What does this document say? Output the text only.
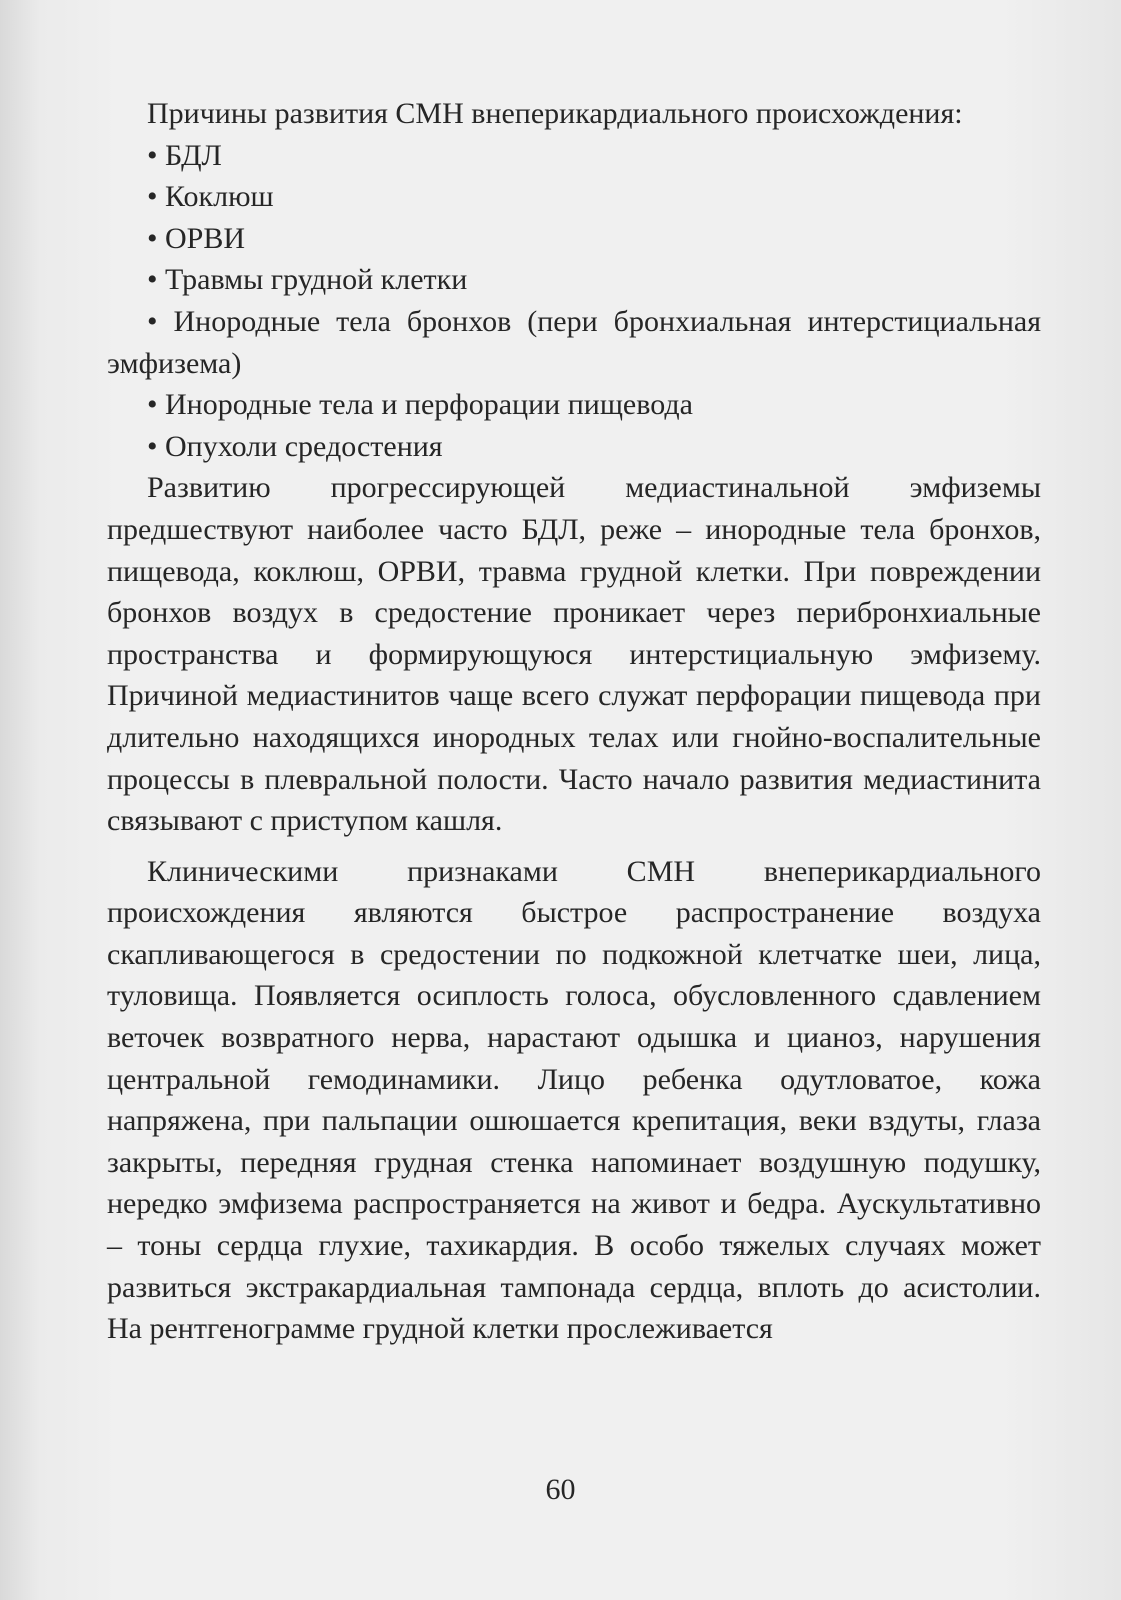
Причины развития СМН внеперикардиального происхождения:

• БДЛ

• Коклюш

• ОРВИ

• Травмы грудной клетки

• Инородные тела бронхов (пери бронхиальная интерстициальная эмфизема)

• Инородные тела и перфорации пищевода

• Опухоли средостения

Развитию прогрессирующей медиастинальной эмфиземы предшествуют наиболее часто БДЛ, реже – инородные тела бронхов, пищевода, коклюш, ОРВИ, травма грудной клетки. При повреждении бронхов воздух в средостение проникает через перибронхиальные пространства и формирующуюся интерстициальную эмфизему. Причиной медиастинитов чаще всего служат перфорации пищевода при длительно находящихся инородных телах или гнойно-воспалительные процессы в плевральной полости. Часто начало развития медиастинита связывают с приступом кашля.

Клиническими признаками СМН внеперикардиального происхождения являются быстрое распространение воздуха скапливающегося в средостении по подкожной клетчатке шеи, лица, туловища. Появляется осиплость голоса, обусловленного сдавлением веточек возвратного нерва, нарастают одышка и цианоз, нарушения центральной гемодинамики. Лицо ребенка одутловатое, кожа напряжена, при пальпации ошюшается крепитация, веки вздуты, глаза закрыты, передняя грудная стенка напоминает воздушную подушку, нередко эмфизема распространяется на живот и бедра. Аускультативно – тоны сердца глухие, тахикардия. В особо тяжелых случаях может развиться экстракардиальная тампонада сердца, вплоть до асистолии. На рентгенограмме грудной клетки прослеживается

60
